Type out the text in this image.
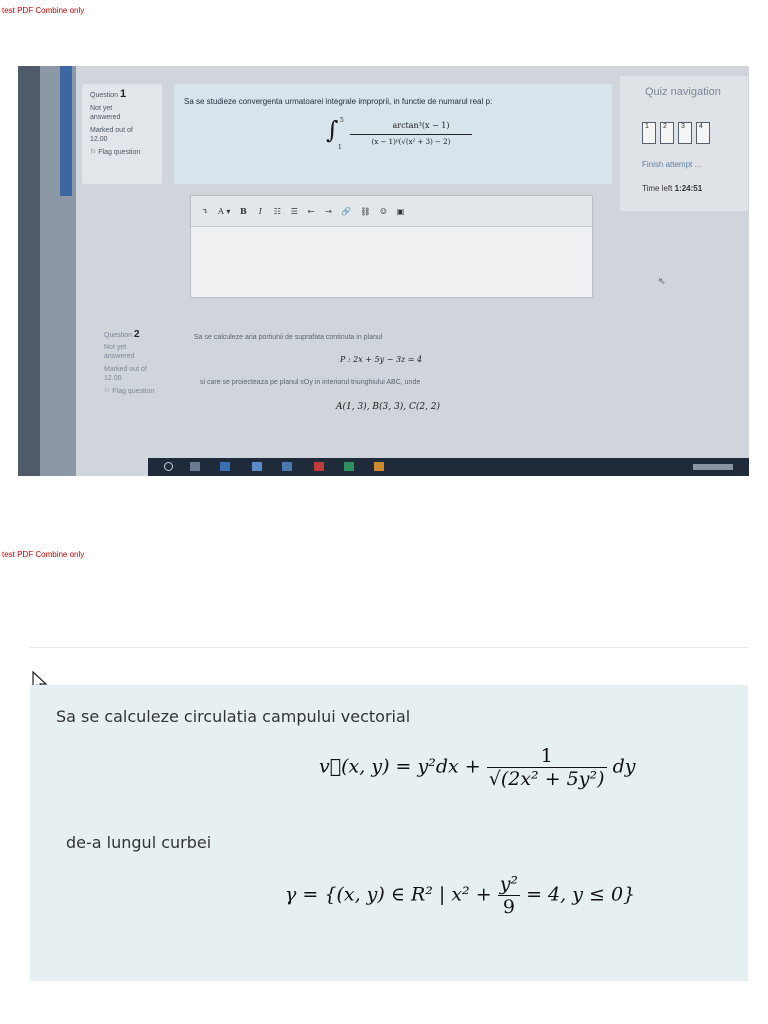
test PDF Combine only
Question 1
Not yet
answered
Marked out of
12.00
⚐ Flag question
Sa se studieze convergenta urmatoarei integrale improprii, in functie de numarul real p:
∫ 5
1
arctan³(x − 1)
(x − 1)ᵖ(√(x² + 3) − 2)
↴ A ▾ B	I	☷ ☰ ⇤ ⇥ 🔗 ⛓ ☺ ▣
Question 2
Not yet
answered
Marked out of
12.00
⚐ Flag question
Sa se calculeze aria portiunii de suprafata continuta in planul
P : 2x + 5y − 3z = 4
si care se proiecteaza pe planul xOy in interiorul triunghiului ABC, unde
A(1, 3), B(3, 3), C(2, 2)
Quiz navigation
1	2	3	4
Finish attempt ...
Time left 1:24:51
⇖
arch
test PDF Combine only
Sa se calculeze circulatia campului vectorial
v⃗(x, $y) = y^2dx + \frac{1}{\text{√(2x² + 5y²)}}$ dy
de-a lungul curbei
γ = {(x, y) ∈ R² | $x^2 + \frac{\text{y²}}{9} = 4$, y ≤ 0}
